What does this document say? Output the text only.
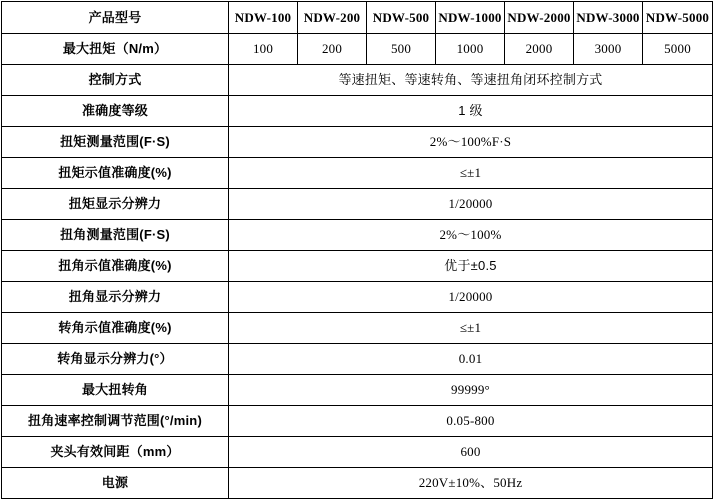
产品型号	NDW-100	NDW-200	NDW-500	NDW-1000	NDW-2000	NDW-3000	NDW-5000
最大扭矩（N/m）	100	200	500	1000	2000	3000	5000
控制方式	等速扭矩、等速转角、等速扭角闭环控制方式						
准确度等级	1 级						
扭矩测量范围(F·S)	2%～100%F·S						
扭矩示值准确度(%)	≤±1						
扭矩显示分辨力	1/20000						
扭角测量范围(F·S)	2%～100%						
扭角示值准确度(%)	优于±0.5						
扭角显示分辨力	1/20000						
转角示值准确度(%)	≤±1						
转角显示分辨力(°）	0.01						
最大扭转角	99999°						
扭角速率控制调节范围(°/min)	0.05-800						
夹头有效间距（mm）	600						
电源	220V±10%、50Hz						
